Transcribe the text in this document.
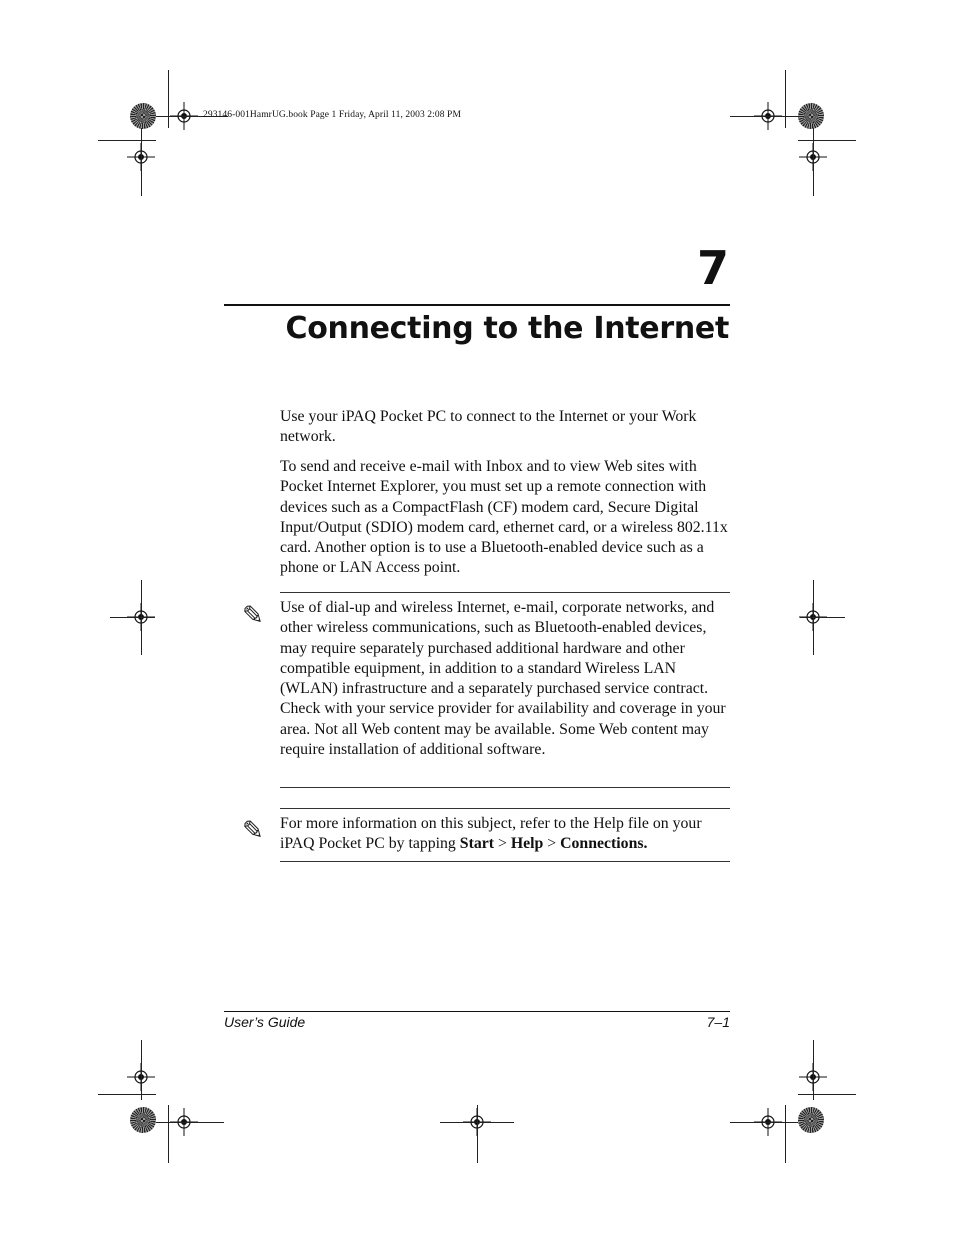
293146-001HamrUG.book Page 1 Friday, April 11, 2003 2:08 PM
7
Connecting to the Internet

Use your iPAQ Pocket PC to connect to the Internet or your Work network.

To send and receive e-mail with Inbox and to view Web sites with Pocket Internet Explorer, you must set up a remote connection with devices such as a CompactFlash (CF) modem card, Secure Digital Input/Output (SDIO) modem card, ethernet card, or a wireless 802.11x card. Another option is to use a Bluetooth-enabled device such as a phone or LAN Access point.

✎ Use of dial-up and wireless Internet, e-mail, corporate networks, and other wireless communications, such as Bluetooth-enabled devices, may require separately purchased additional hardware and other compatible equipment, in addition to a standard Wireless LAN (WLAN) infrastructure and a separately purchased service contract. Check with your service provider for availability and coverage in your area. Not all Web content may be available. Some Web content may require installation of additional software.

✎ For more information on this subject, refer to the Help file on your iPAQ Pocket PC by tapping Start > Help > Connections.

User’s Guide	7–1
